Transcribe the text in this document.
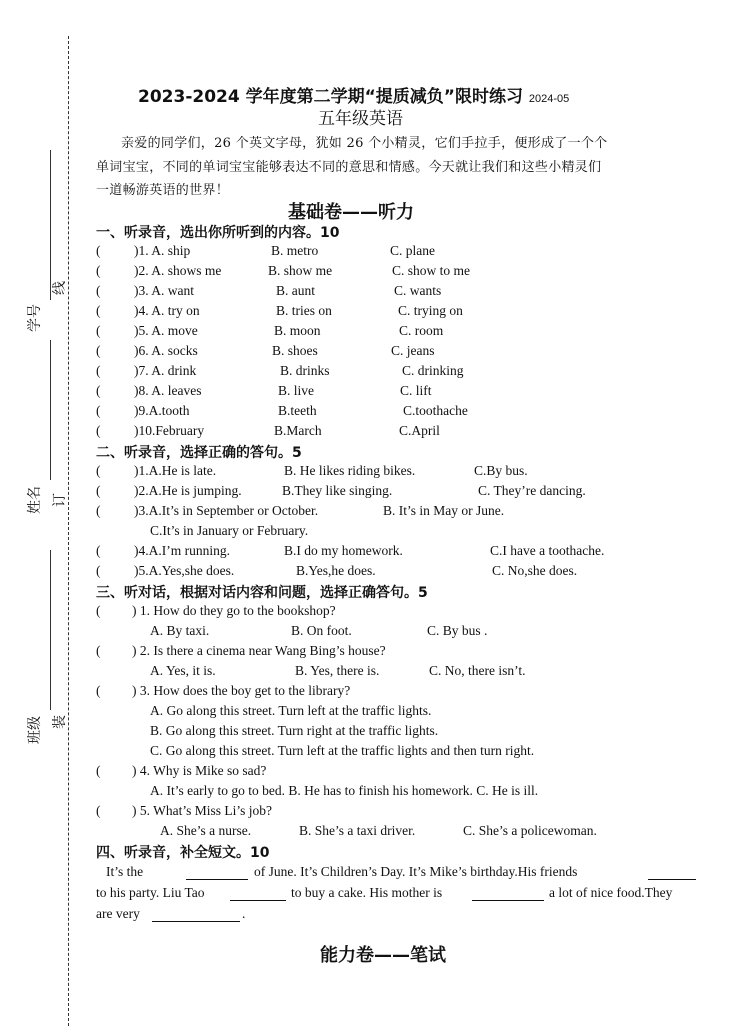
学号
线
姓名 订
班级 装
2023-2024 学年度第二学期“提质减负”限时练习 2024-05
五年级英语
亲爱的同学们，26 个英文字母，犹如 26 个小精灵，它们手拉手，便形成了一个个
单词宝宝，不同的单词宝宝能够表达不同的意思和情感。今天就让我们和这些小精灵们
一道畅游英语的世界！
基础卷——听力
一、听录音，选出你所听到的内容。10
( )1. A. ship	B. metro	C. plane
( )2. A. shows me	B. show me	C. show to me
( )3. A. want	B. aunt	C. wants
( )4. A. try on	B. tries on	C. trying on
( )5. A. move	B. moon	C. room
( )6. A. socks	B. shoes	C. jeans
( )7. A. drink	B. drinks	C. drinking
( )8. A. leaves	B. live	C. lift
( )9.A.tooth	B.teeth	C.toothache
( )10.February	B.March	C.April
二、听录音，选择正确的答句。5
( )1.A.He is late.	B. He likes riding bikes.	C.By bus.
( )2.A.He is jumping.	B.They like singing.	C. They’re dancing.
( )3.A.It’s in September or October.	B. It’s in May or June.
C.It’s in January or February.
( )4.A.I’m running.	B.I do my homework.	C.I have a toothache.
( )5.A.Yes,she does.	B.Yes,he does.	C. No,she does.
三、听对话，根据对话内容和问题，选择正确答句。5
( ) 1. How do they go to the bookshop?
A. By taxi.	B. On foot.	C. By bus .
( ) 2. Is there a cinema near Wang Bing’s house?
A. Yes, it is.	B. Yes, there is.	C. No, there isn’t.
( ) 3. How does the boy get to the library?
A. Go along this street. Turn left at the traffic lights.
B. Go along this street. Turn right at the traffic lights.
C. Go along this street. Turn left at the traffic lights and then turn right.
( ) 4. Why is Mike so sad?
A. It’s early to go to bed. B. He has to finish his homework. C. He is ill.
( ) 5. What’s Miss Li’s job?
A. She’s a nurse.	B. She’s a taxi driver.	C. She’s a policewoman.
四、听录音，补全短文。10
It’s the	of June. It’s Children’s Day. It’s Mike’s birthday.His friends
to his party. Liu Tao	to buy a cake. His mother is	a lot of nice food.They
are very	.
能力卷——笔试
